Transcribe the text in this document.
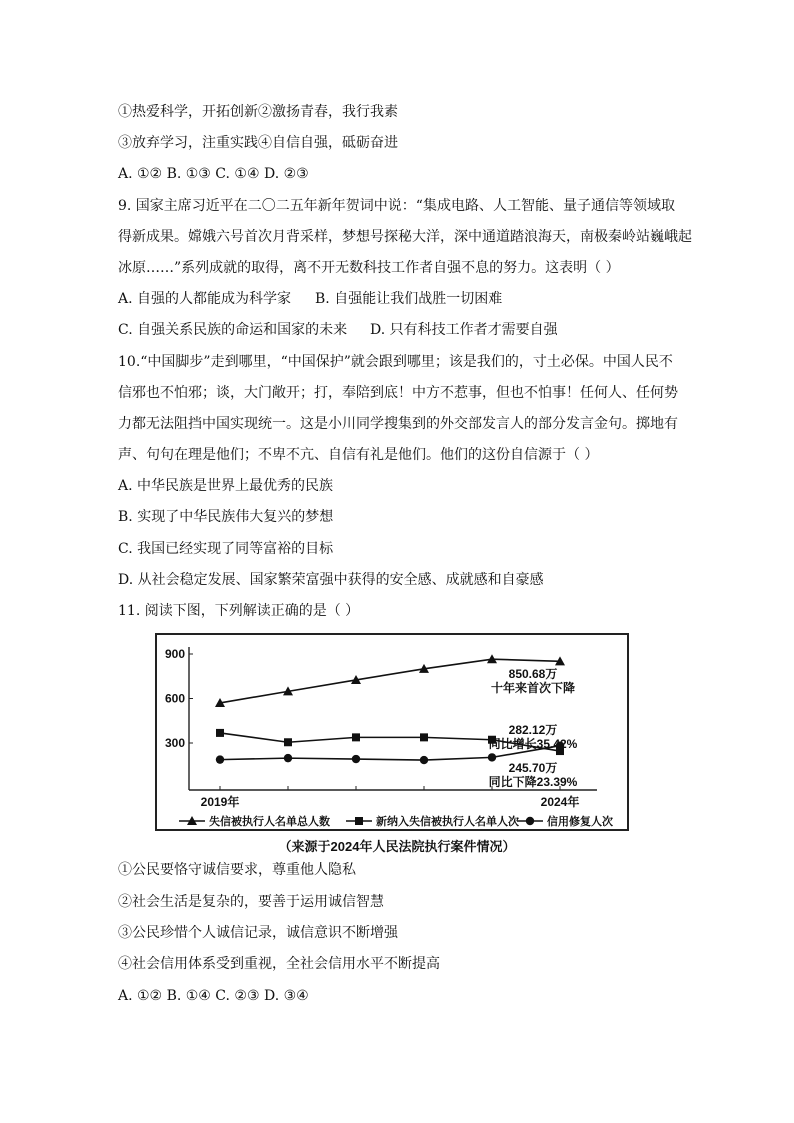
①热爱科学，开拓创新②激扬青春，我行我素
③放弃学习，注重实践④自信自强，砥砺奋进
A. ①② B. ①③ C. ①④ D. ②③
9. 国家主席习近平在二〇二五年新年贺词中说：“集成电路、人工智能、量子通信等领域取
得新成果。嫦娥六号首次月背采样，梦想号探秘大洋，深中通道踏浪海天，南极秦岭站巍峨起
冰原……”系列成就的取得，离不开无数科技工作者自强不息的努力。这表明（ ）
A. 自强的人都能成为科学家 B. 自强能让我们战胜一切困难
C. 自强关系民族的命运和国家的未来 D. 只有科技工作者才需要自强
10.“中国脚步”走到哪里，“中国保护”就会跟到哪里；该是我们的，寸土必保。中国人民不
信邪也不怕邪；谈，大门敞开；打，奉陪到底！中方不惹事，但也不怕事！任何人、任何势
力都无法阻挡中国实现统一。这是小川同学搜集到的外交部发言人的部分发言金句。掷地有
声、句句在理是他们；不卑不亢、自信有礼是他们。他们的这份自信源于（ ）
A. 中华民族是世界上最优秀的民族
B. 实现了中华民族伟大复兴的梦想
C. 我国已经实现了同等富裕的目标
D. 从社会稳定发展、国家繁荣富强中获得的安全感、成就感和自豪感
11. 阅读下图，下列解读正确的是（ ）
300
600
900
2019年	2024年
850.68万
十年来首次下降
282.12万
同比增长35.42%
245.70万
同比下降23.39%
失信被执行人名单总人数	新纳入失信被执行人名单人次	信用修复人次
（来源于2024年人民法院执行案件情况）
①公民要恪守诚信要求，尊重他人隐私
②社会生活是复杂的，要善于运用诚信智慧
③公民珍惜个人诚信记录，诚信意识不断增强
④社会信用体系受到重视，全社会信用水平不断提高
A. ①② B. ①④ C. ②③ D. ③④
